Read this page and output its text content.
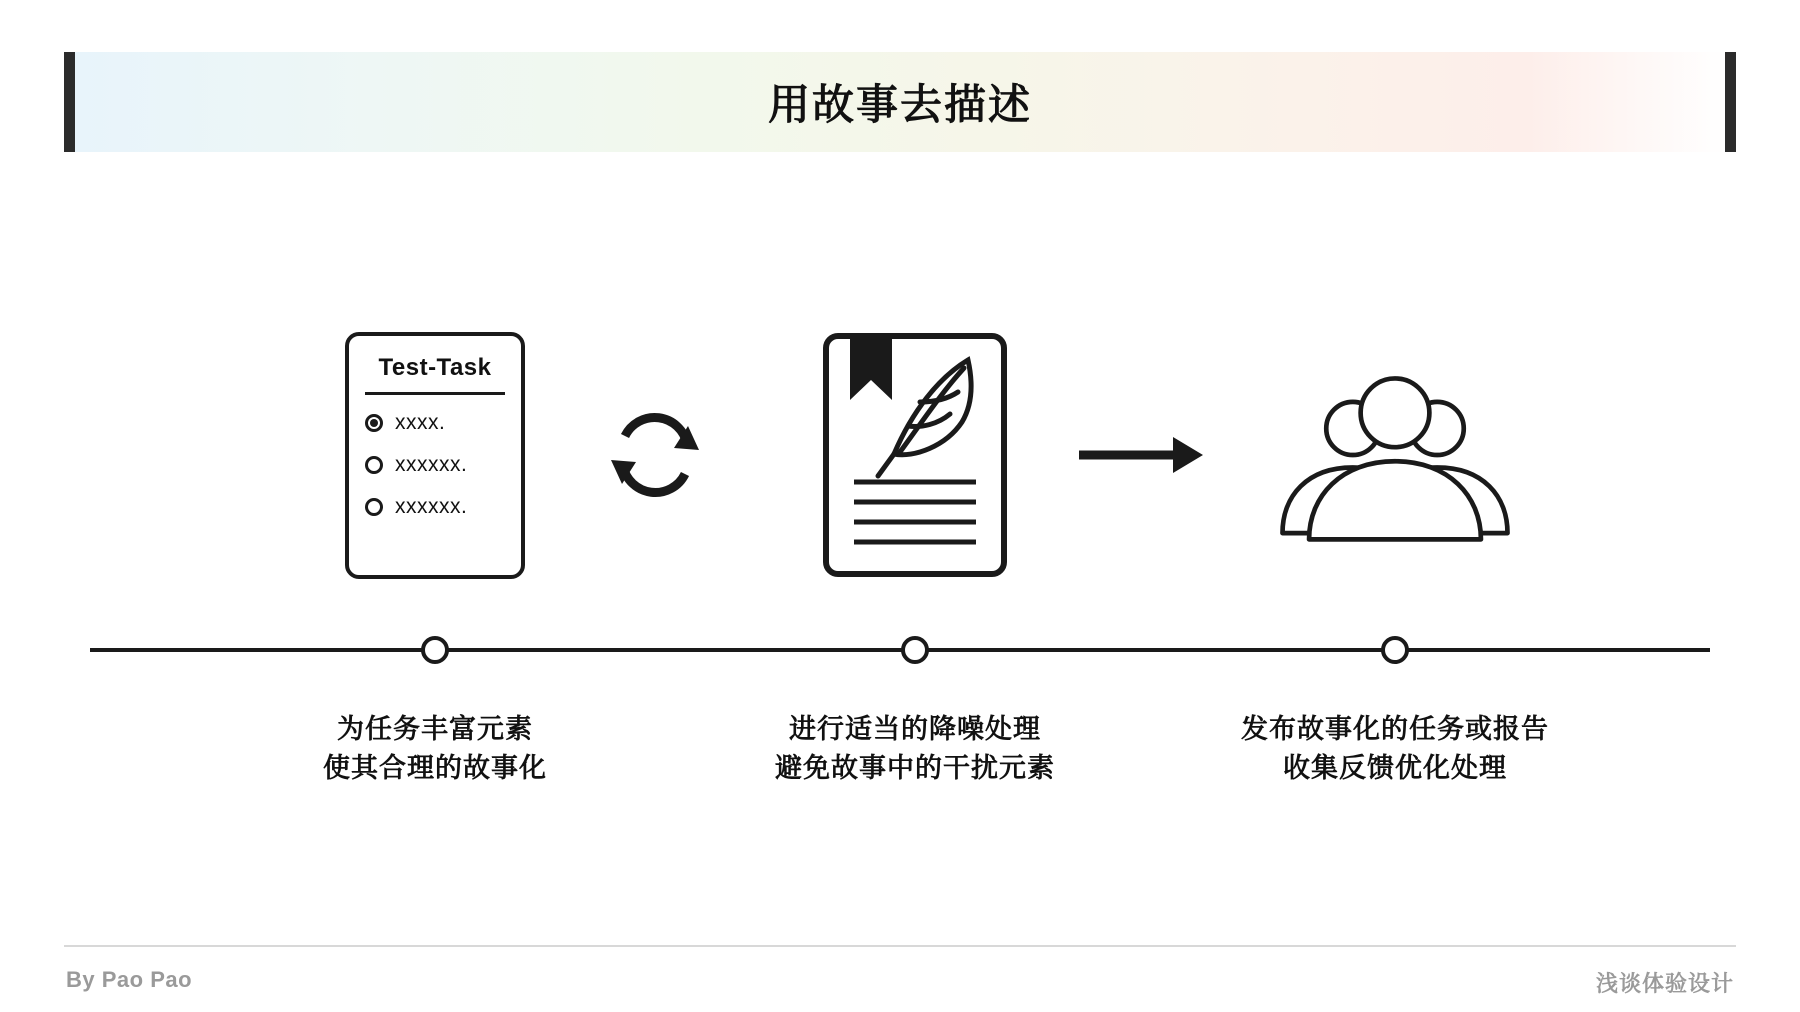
用故事去描述
Test-Task
xxxx.
xxxxxx.
xxxxxx.
为任务丰富元素
使其合理的故事化
进行适当的降噪处理
避免故事中的干扰元素
发布故事化的任务或报告
收集反馈优化处理
By Pao Pao	浅谈体验设计
